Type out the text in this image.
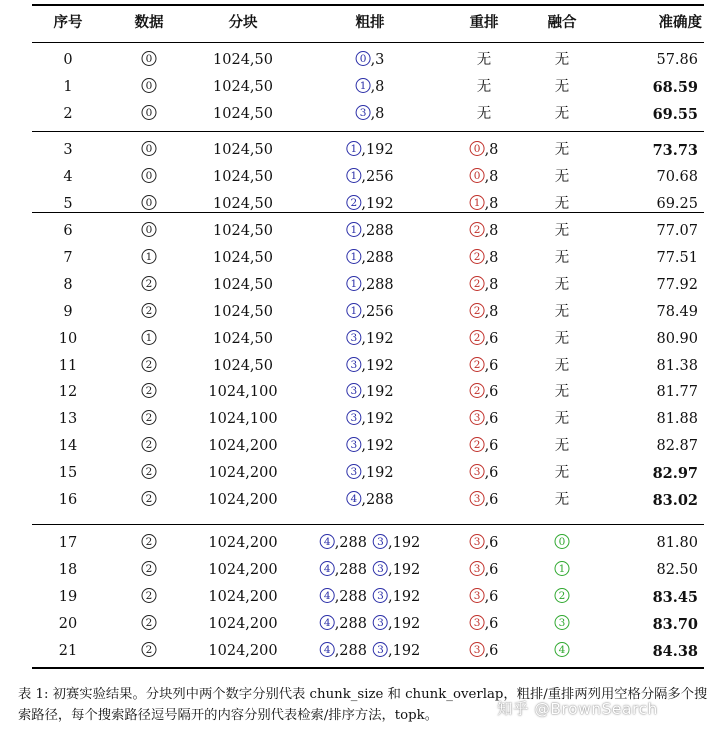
序号	数据	分块	粗排	重排	融合	准确度
0	0	1024,50	0 ,3	无	无	57.86
1	0	1024,50	1 ,8	无	无	68.59
2	0	1024,50	3 ,8	无	无	69.55
3	0	1024,50	1 ,192	0 ,8	无	73.73
4	0	1024,50	1 ,256	0 ,8	无	70.68
5	0	1024,50	2 ,192	1 ,8	无	69.25
6	0	1024,50	1 ,288	2 ,8	无	77.07
7	1	1024,50	1 ,288	2 ,8	无	77.51
8	2	1024,50	1 ,288	2 ,8	无	77.92
9	2	1024,50	1 ,256	2 ,8	无	78.49
10	1	1024,50	3 ,192	2 ,6	无	80.90
11	2	1024,50	3 ,192	2 ,6	无	81.38
12	2	1024,100	3 ,192	2 ,6	无	81.77
13	2	1024,100	3 ,192	3 ,6	无	81.88
14	2	1024,200	3 ,192	2 ,6	无	82.87
15	2	1024,200	3 ,192	3 ,6	无	82.97
16	2	1024,200	4 ,288	3 ,6	无	83.02
17	2	1024,200	4 ,288 3 ,192	3 ,6	0	81.80
18	2	1024,200	4 ,288 3 ,192	3 ,6	1	82.50
19	2	1024,200	4 ,288 3 ,192	3 ,6	2	83.45
20	2	1024,200	4 ,288 3 ,192	3 ,6	3	83.70
21	2	1024,200	4 ,288 3 ,192	3 ,6	4	84.38
表 1: 初赛实验结果。分块列中两个数字分别代表 chunk_size 和 chunk_overlap，粗排/重排两列用空格分隔多个搜索路径，每个搜索路径逗号隔开的内容分别代表检索/排序方法，topk。	知乎 @BrownSearch
